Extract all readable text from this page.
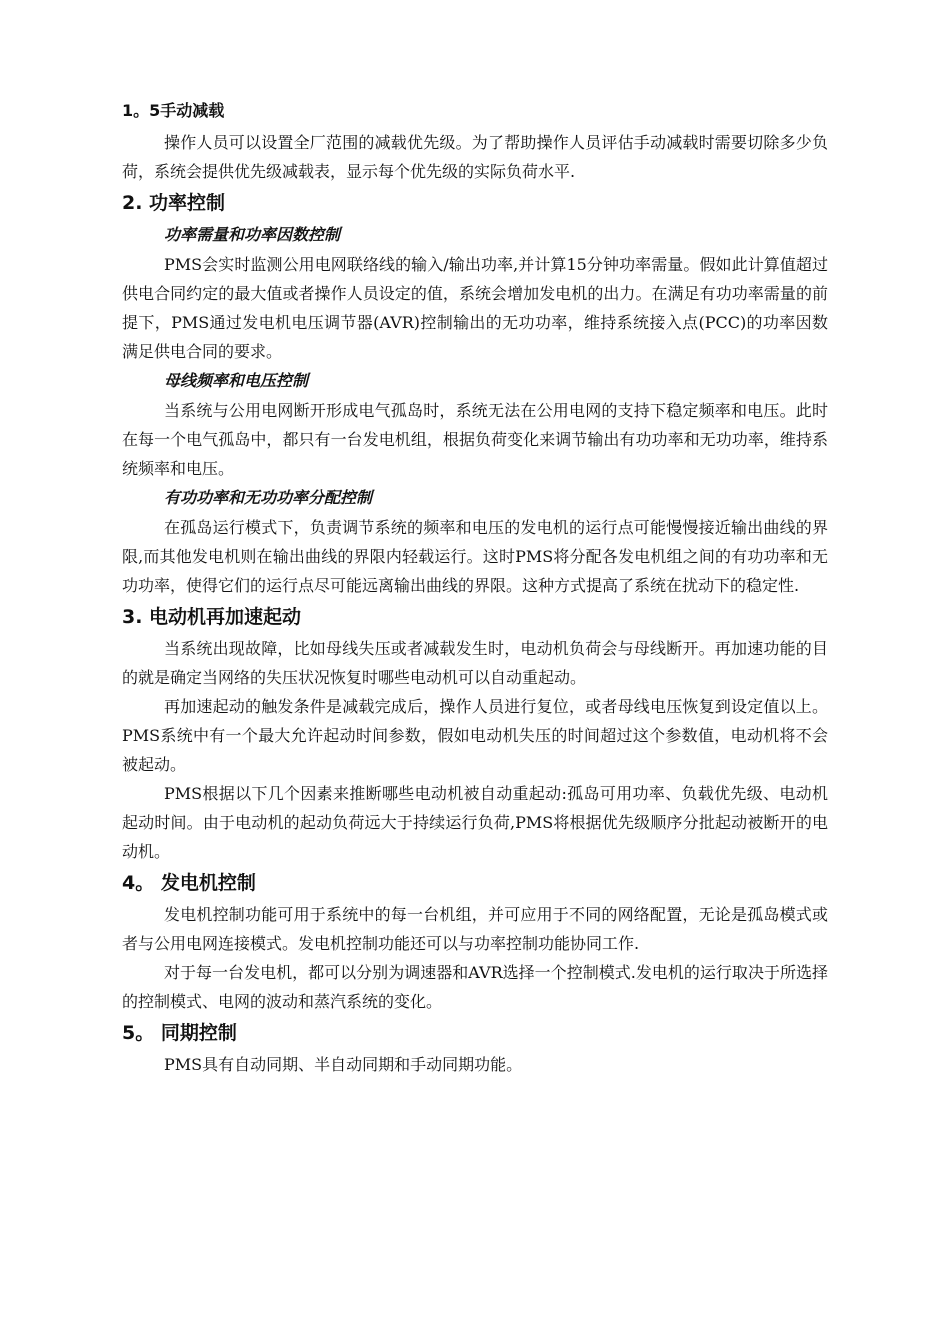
1。5手动减载

操作人员可以设置全厂范围的减载优先级。为了帮助操作人员评估手动减载时需要切除多少负荷，系统会提供优先级减载表，显示每个优先级的实际负荷水平.

2. 功率控制
功率需量和功率因数控制

PMS会实时监测公用电网联络线的输入/输出功率,并计算15分钟功率需量。假如此计算值超过供电合同约定的最大值或者操作人员设定的值，系统会增加发电机的出力。在满足有功功率需量的前提下，PMS通过发电机电压调节器(AVR)控制输出的无功功率，维持系统接入点(PCC)的功率因数满足供电合同的要求。

母线频率和电压控制

当系统与公用电网断开形成电气孤岛时，系统无法在公用电网的支持下稳定频率和电压。此时在每一个电气孤岛中，都只有一台发电机组，根据负荷变化来调节输出有功功率和无功功率，维持系统频率和电压。

有功功率和无功功率分配控制

在孤岛运行模式下，负责调节系统的频率和电压的发电机的运行点可能慢慢接近输出曲线的界限,而其他发电机则在输出曲线的界限内轻载运行。这时PMS将分配各发电机组之间的有功功率和无功功率，使得它们的运行点尽可能远离输出曲线的界限。这种方式提高了系统在扰动下的稳定性.

3. 电动机再加速起动

当系统出现故障，比如母线失压或者减载发生时，电动机负荷会与母线断开。再加速功能的目的就是确定当网络的失压状况恢复时哪些电动机可以自动重起动。

再加速起动的触发条件是减载完成后，操作人员进行复位，或者母线电压恢复到设定值以上。PMS系统中有一个最大允许起动时间参数，假如电动机失压的时间超过这个参数值，电动机将不会被起动。

PMS根据以下几个因素来推断哪些电动机被自动重起动:孤岛可用功率、负载优先级、电动机起动时间。由于电动机的起动负荷远大于持续运行负荷,PMS将根据优先级顺序分批起动被断开的电动机。

4。 发电机控制

发电机控制功能可用于系统中的每一台机组，并可应用于不同的网络配置，无论是孤岛模式或者与公用电网连接模式。发电机控制功能还可以与功率控制功能协同工作.

对于每一台发电机，都可以分别为调速器和AVR选择一个控制模式.发电机的运行取决于所选择的控制模式、电网的波动和蒸汽系统的变化。

5。 同期控制

PMS具有自动同期、半自动同期和手动同期功能。
